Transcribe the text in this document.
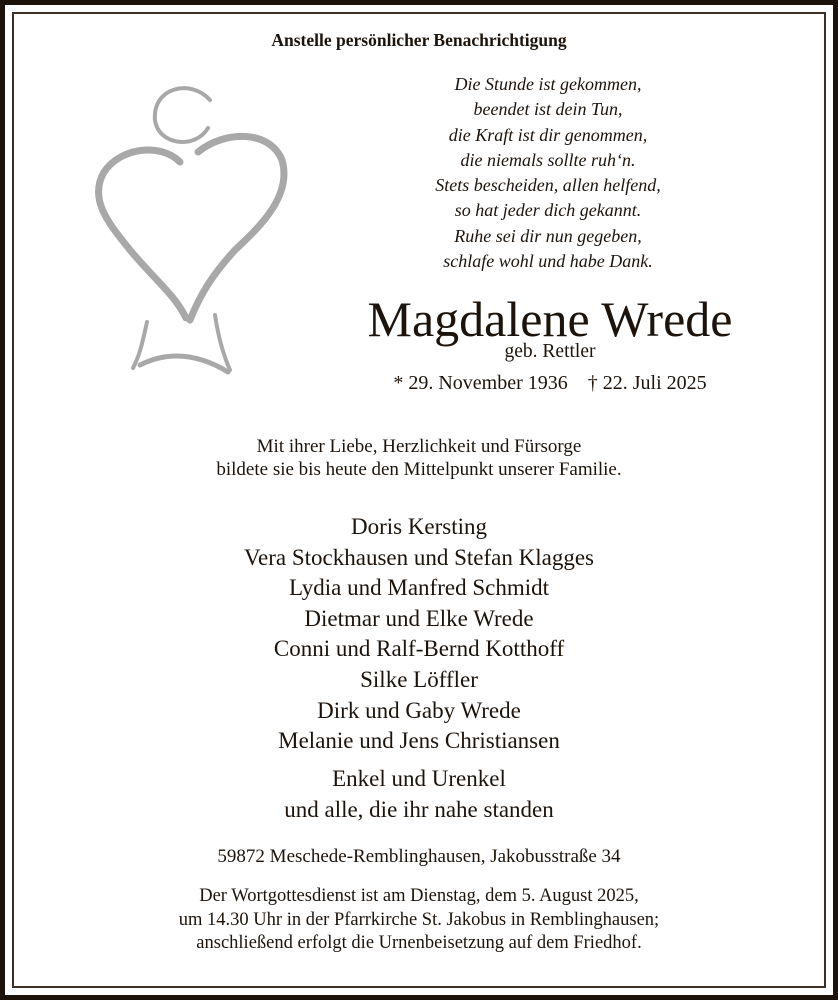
Anstelle persönlicher Benachrichtigung
Die Stunde ist gekommen,
beendet ist dein Tun,
die Kraft ist dir genommen,
die niemals sollte ruh‘n.
Stets bescheiden, allen helfend,
so hat jeder dich gekannt.
Ruhe sei dir nun gegeben,
schlafe wohl und habe Dank.
Magdalene Wrede
geb. Rettler
* 29. November 1936 † 22. Juli 2025
Mit ihrer Liebe, Herzlichkeit und Fürsorge
bildete sie bis heute den Mittelpunkt unserer Familie.
Doris Kersting
Vera Stockhausen und Stefan Klagges
Lydia und Manfred Schmidt
Dietmar und Elke Wrede
Conni und Ralf-Bernd Kotthoff
Silke Löffler
Dirk und Gaby Wrede
Melanie und Jens Christiansen
Enkel und Urenkel
und alle, die ihr nahe standen
59872 Meschede-Remblinghausen, Jakobusstraße 34
Der Wortgottesdienst ist am Dienstag, dem 5. August 2025,
um 14.30 Uhr in der Pfarrkirche St. Jakobus in Remblinghausen;
anschließend erfolgt die Urnenbeisetzung auf dem Friedhof.
